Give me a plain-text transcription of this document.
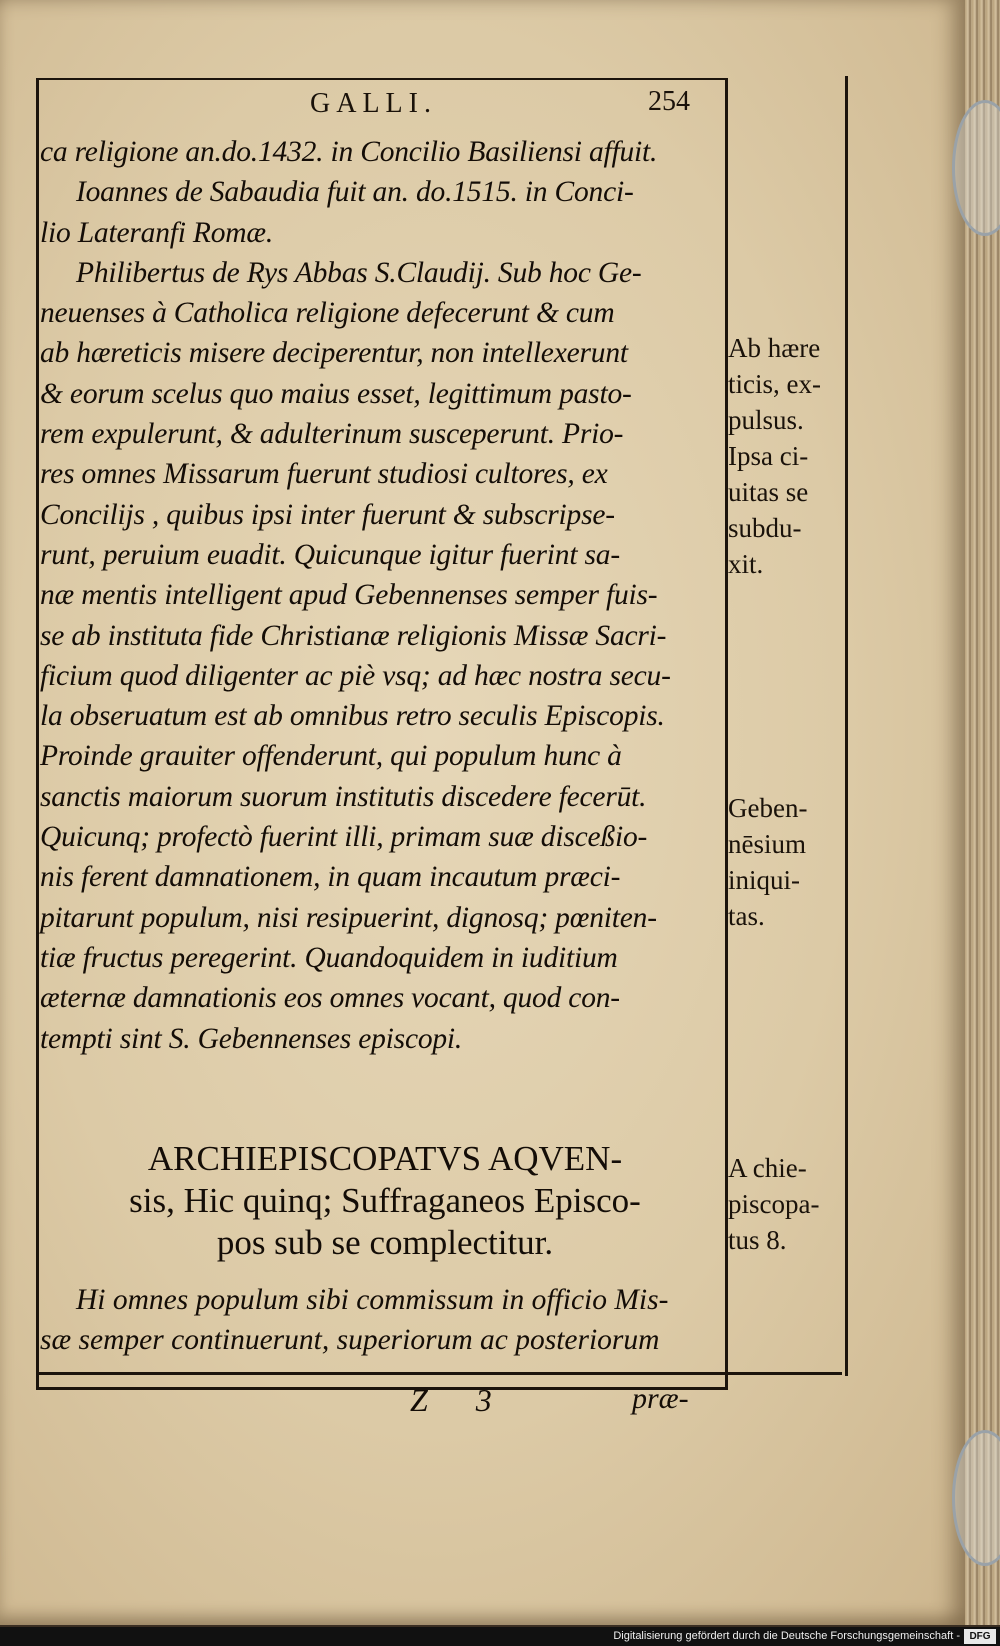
GALLI.	254
ca religione an.do.1432. in Concilio Basiliensi affuit.
Ioannes de Sabaudia fuit an. do.1515. in Conci-
lio Lateranfi Romæ.
Philibertus de Rys Abbas S.Claudij. Sub hoc Ge-
neuenses à Catholica religione defecerunt & cum
ab hæreticis misere deciperentur, non intellexerunt
& eorum scelus quo maius esset, legittimum pasto-
rem expulerunt, & adulterinum susceperunt. Prio-
res omnes Missarum fuerunt studiosi cultores, ex
Concilijs , quibus ipsi inter fuerunt & subscripse-
runt, peruium euadit. Quicunque igitur fuerint sa-
næ mentis intelligent apud Gebennenses semper fuis-
se ab instituta fide Christianæ religionis Missæ Sacri-
ficium quod diligenter ac piè vsq; ad hæc nostra secu-
la obseruatum est ab omnibus retro seculis Episcopis.
Proinde grauiter offenderunt, qui populum hunc à
sanctis maiorum suorum institutis discedere fecerūt.
Quicunq; profectò fuerint illi, primam suæ disceßio-
nis ferent damnationem, in quam incautum præci-
pitarunt populum, nisi resipuerint, dignosq; pœniten-
tiæ fructus peregerint. Quandoquidem in iuditium
æternæ damnationis eos omnes vocant, quod con-
tempti sint S. Gebennenses episcopi.
ARCHIEPISCOPATVS AQVEN-
sis, Hic quinq; Suffraganeos Episco-
pos sub se complectitur.
Hi omnes populum sibi commissum in officio Mis-
sæ semper continuerunt, superiorum ac posteriorum
Ab hære
ticis, ex-
pulsus.
Ipsa ci-
uitas se
subdu-
xit.
Geben-
nēsium
iniqui-
tas.
A chie-
piscopa-
tus 8.
Z 3	præ-
Digitalisierung gefördert durch die Deutsche Forschungsgemeinschaft - DFG
